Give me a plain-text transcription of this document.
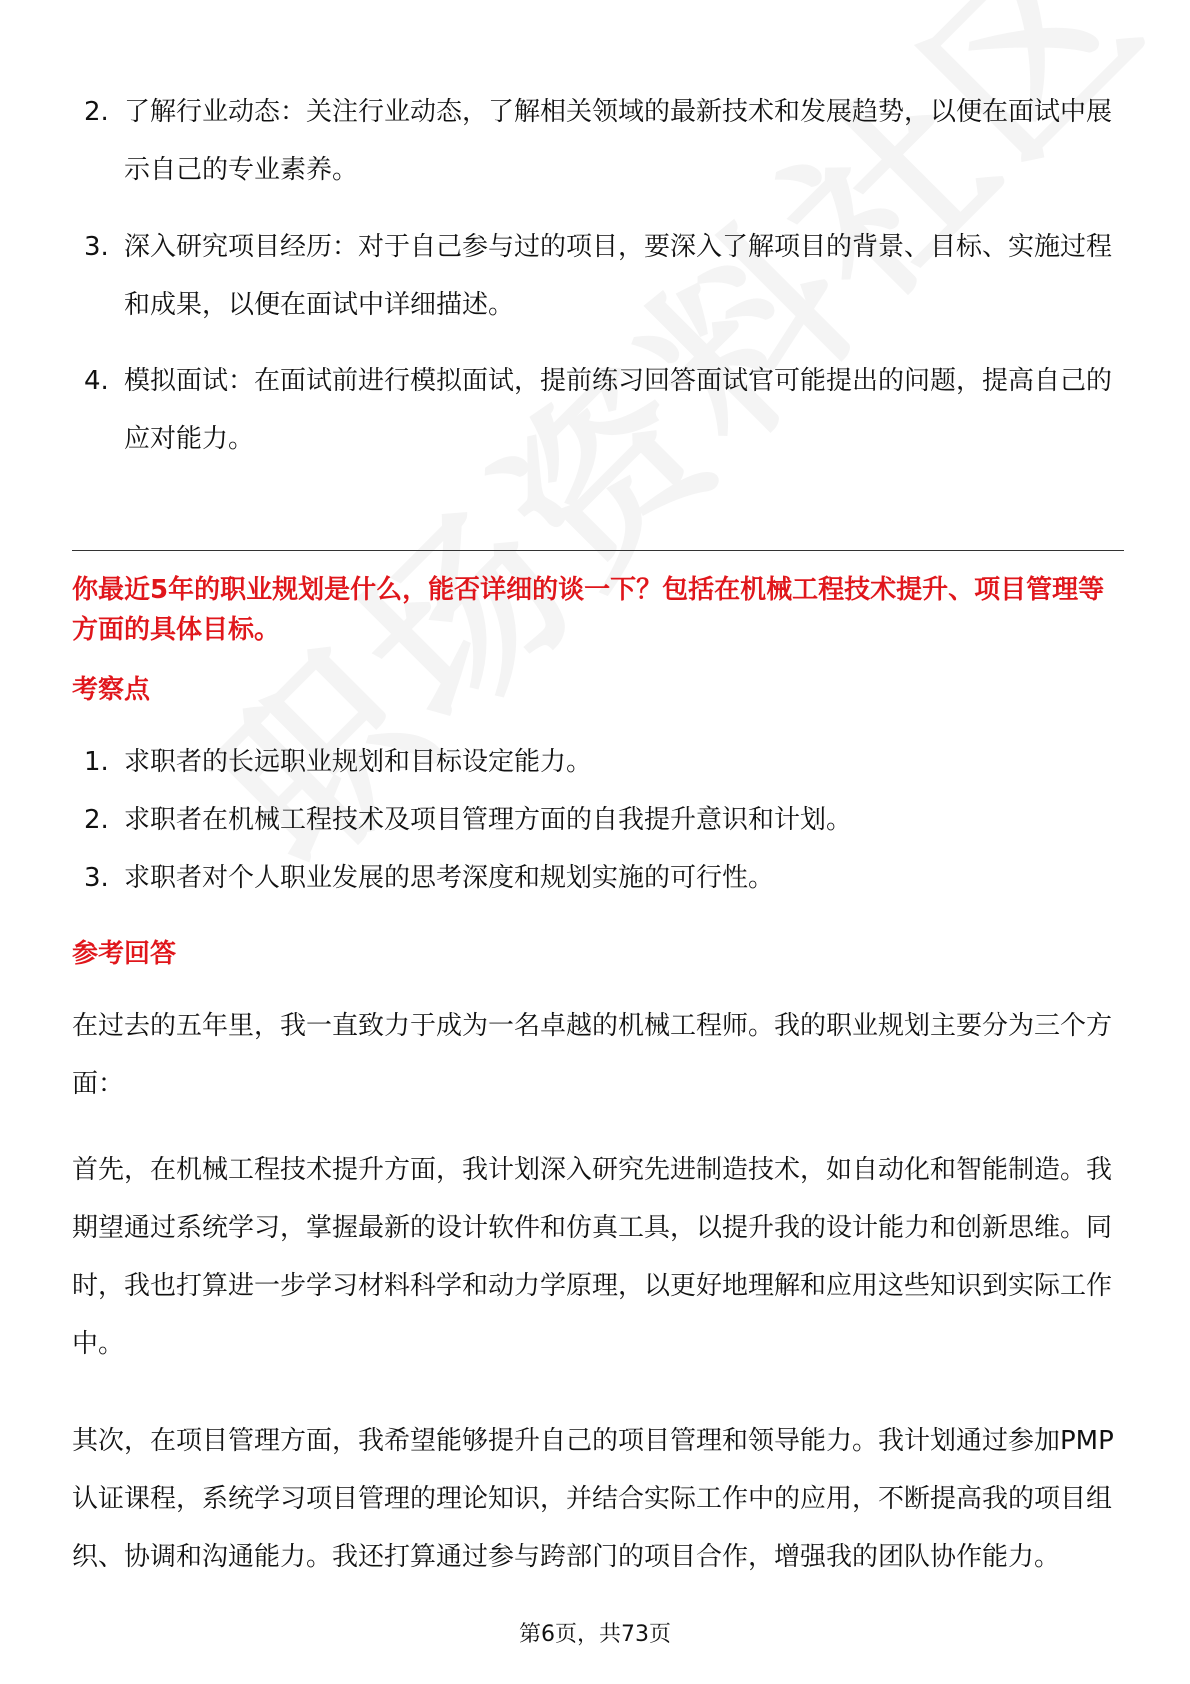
2. 了解行业动态：关注行业动态，了解相关领域的最新技术和发展趋势，以便在面试中展示自己的专业素养。
3. 深入研究项目经历：对于自己参与过的项目，要深入了解项目的背景、目标、实施过程和成果，以便在面试中详细描述。
4. 模拟面试：在面试前进行模拟面试，提前练习回答面试官可能提出的问题，提高自己的应对能力。
你最近5年的职业规划是什么，能否详细的谈一下？包括在机械工程技术提升、项目管理等方面的具体目标。
考察点
1. 求职者的长远职业规划和目标设定能力。
2. 求职者在机械工程技术及项目管理方面的自我提升意识和计划。
3. 求职者对个人职业发展的思考深度和规划实施的可行性。
参考回答
在过去的五年里，我一直致力于成为一名卓越的机械工程师。我的职业规划主要分为三个方面：
首先，在机械工程技术提升方面，我计划深入研究先进制造技术，如自动化和智能制造。我期望通过系统学习，掌握最新的设计软件和仿真工具，以提升我的设计能力和创新思维。同时，我也打算进一步学习材料科学和动力学原理，以更好地理解和应用这些知识到实际工作中。
其次，在项目管理方面，我希望能够提升自己的项目管理和领导能力。我计划通过参加PMP认证课程，系统学习项目管理的理论知识，并结合实际工作中的应用，不断提高我的项目组织、协调和沟通能力。我还打算通过参与跨部门的项目合作，增强我的团队协作能力。
第6页，共73页
